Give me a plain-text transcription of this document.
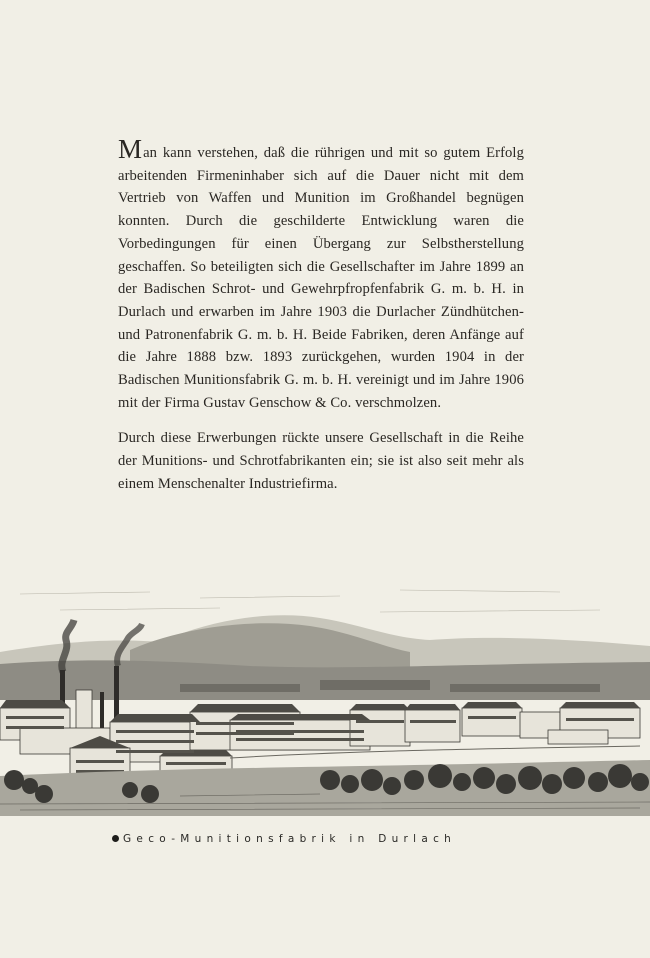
Man kann verstehen, daß die rührigen und mit so gutem Erfolg arbeitenden Firmeninhaber sich auf die Dauer nicht mit dem Vertrieb von Waffen und Munition im Großhandel begnügen konnten. Durch die geschilderte Entwicklung waren die Vorbedingungen für einen Übergang zur Selbstherstellung geschaffen. So beteiligten sich die Gesellschafter im Jahre 1899 an der Badischen Schrot- und Gewehrpfropfenfabrik G. m. b. H. in Durlach und erwarben im Jahre 1903 die Durlacher Zündhütchen- und Patronenfabrik G. m. b. H. Beide Fabriken, deren Anfänge auf die Jahre 1888 bzw. 1893 zurückgehen, wurden 1904 in der Badischen Munitionsfabrik G. m. b. H. vereinigt und im Jahre 1906 mit der Firma Gustav Genschow & Co. verschmolzen.

Durch diese Erwerbungen rückte unsere Gesellschaft in die Reihe der Munitions- und Schrotfabrikanten ein; sie ist also seit mehr als einem Menschenalter Industriefirma.

Geco-Munitionsfabrik in Durlach
